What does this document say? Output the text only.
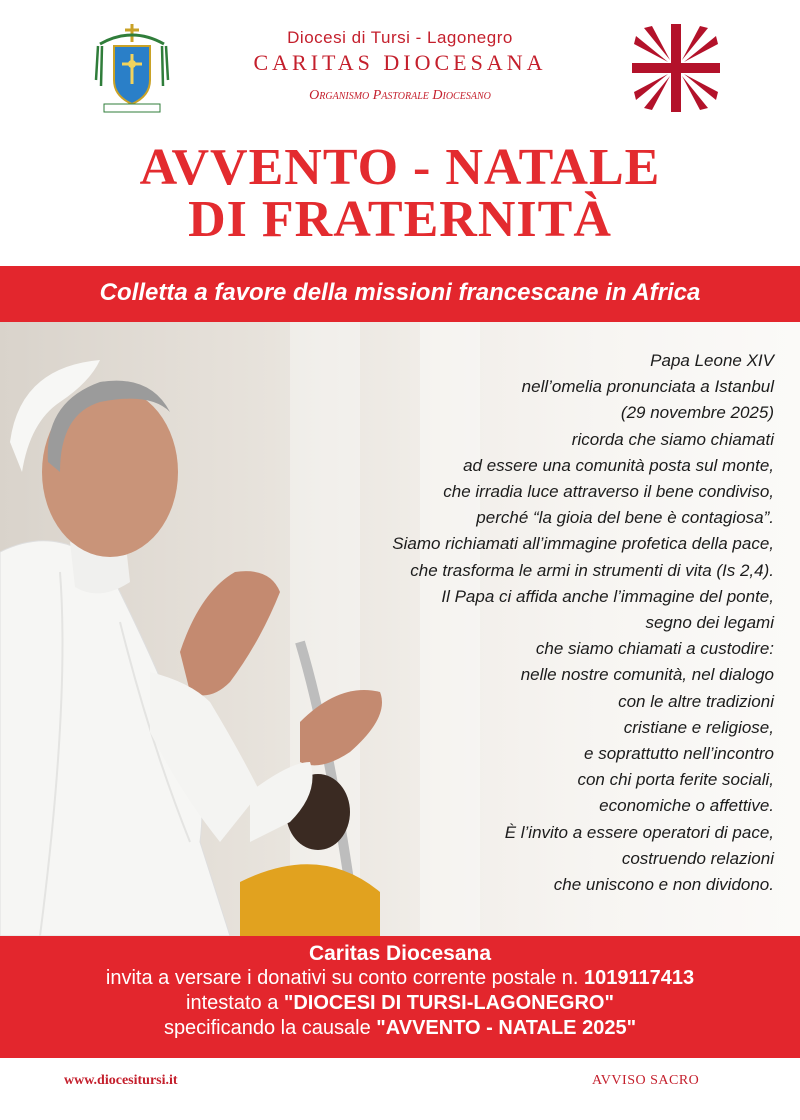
Diocesi di Tursi - Lagonegro
CARITAS DIOCESANA
Organismo Pastorale Diocesano
AVVENTO - NATALE
DI FRATERNITÀ
Colletta a favore della missioni francescane in Africa
Papa Leone XIV
nell’omelia pronunciata a Istanbul
(29 novembre 2025)
ricorda che siamo chiamati
ad essere una comunità posta sul monte,
che irradia luce attraverso il bene condiviso,
perché “la gioia del bene è contagiosa”.
Siamo richiamati all’immagine profetica della pace,
che trasforma le armi in strumenti di vita (Is 2,4).
Il Papa ci affida anche l’immagine del ponte,
segno dei legami
che siamo chiamati a custodire:
nelle nostre comunità, nel dialogo
con le altre tradizioni
cristiane e religiose,
e soprattutto nell’incontro
con chi porta ferite sociali,
economiche o affettive.
È l’invito a essere operatori di pace,
costruendo relazioni
che uniscono e non dividono.
Caritas Diocesana
invita a versare i donativi su conto corrente postale n. 1019117413
intestato a "DIOCESI DI TURSI-LAGONEGRO"
specificando la causale "AVVENTO - NATALE 2025"
www.diocesitursi.it	AVVISO SACRO
